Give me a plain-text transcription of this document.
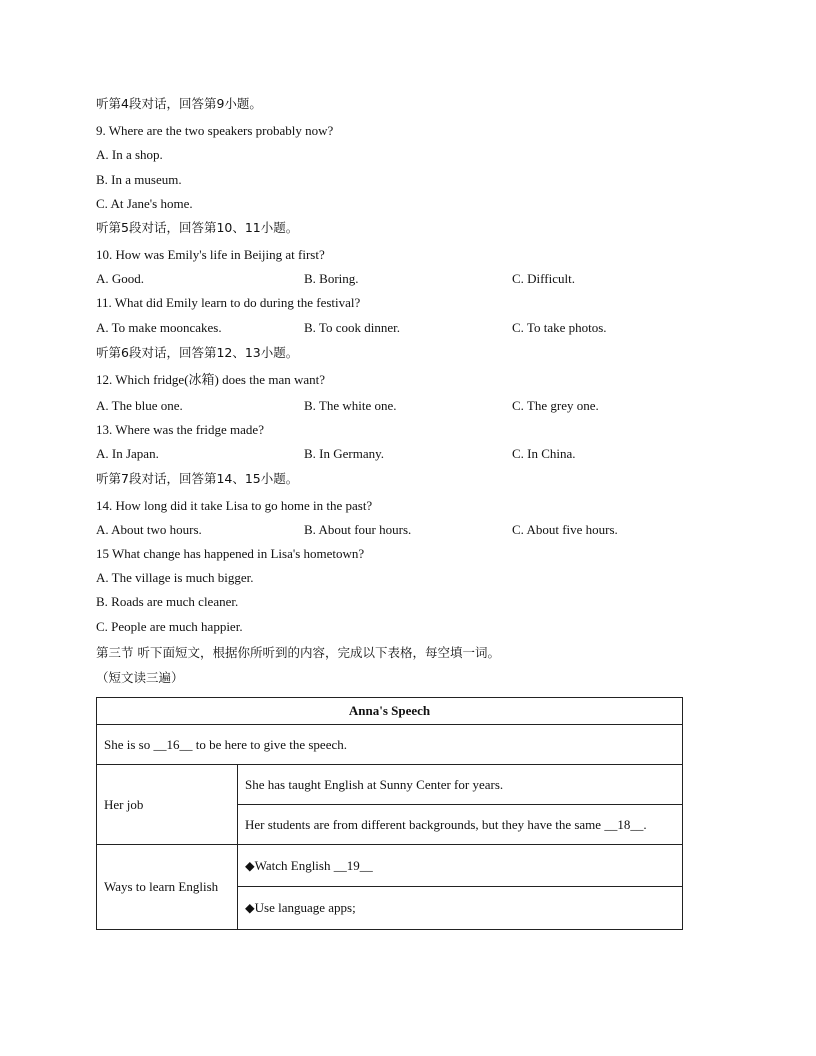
听第4段对话，回答第9小题。
9. Where are the two speakers probably now?
A. In a shop.
B. In a museum.
C. At Jane's home.
听第5段对话，回答第10、11小题。
10. How was Emily's life in Beijing at first?
A. Good.	B. Boring.	C. Difficult.
11. What did Emily learn to do during the festival?
A. To make mooncakes.	B. To cook dinner.	C. To take photos.
听第6段对话，回答第12、13小题。
12. Which fridge(冰箱) does the man want?
A. The blue one.	B. The white one.	C. The grey one.
13. Where was the fridge made?
A. In Japan.	B. In Germany.	C. In China.
听第7段对话，回答第14、15小题。
14. How long did it take Lisa to go home in the past?
A. About two hours.	B. About four hours.	C. About five hours.
15 What change has happened in Lisa's hometown?
A. The village is much bigger.
B. Roads are much cleaner.
C. People are much happier.
第三节 听下面短文，根据你所听到的内容，完成以下表格，每空填一词。
（短文读三遍）
Anna's Speech	
She is so __16__ to be here to give the speech.	
Her job	She has taught English at Sunny Center for years.
	Her students are from different backgrounds, but they have the same __18__.
Ways to learn English	◆Watch English __19__
	◆Use language apps;
